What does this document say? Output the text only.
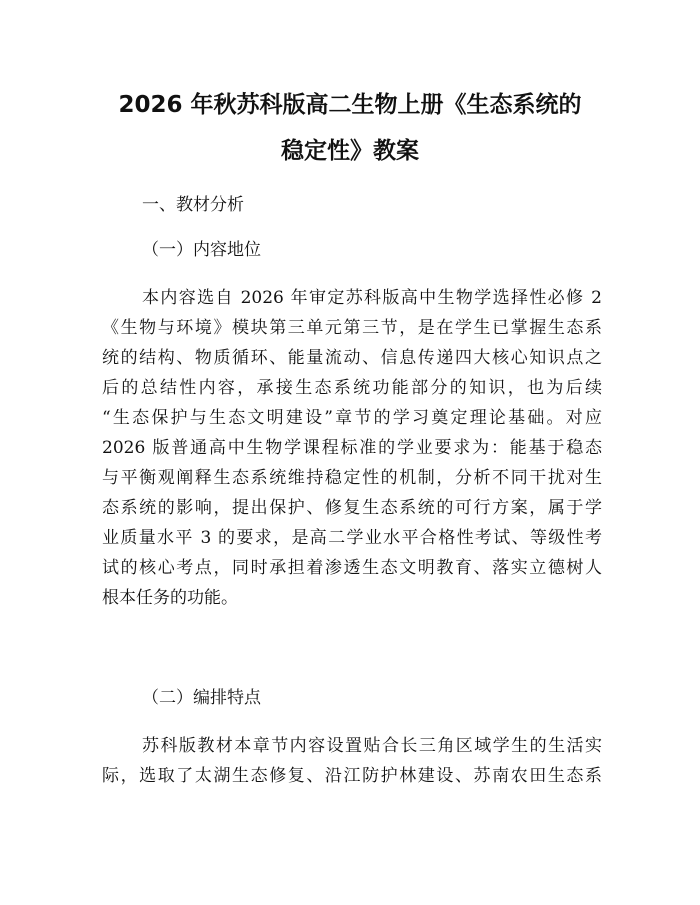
2026 年秋苏科版高二生物上册《生态系统的
稳定性》教案
一、教材分析
（一）内容地位
本内容选自 2026 年审定苏科版高中生物学选择性必修 2
《生物与环境》模块第三单元第三节，是在学生已掌握生态系
统的结构、物质循环、能量流动、信息传递四大核心知识点之
后的总结性内容，承接生态系统功能部分的知识，也为后续
“生态保护与生态文明建设”章节的学习奠定理论基础。对应
2026 版普通高中生物学课程标准的学业要求为：能基于稳态
与平衡观阐释生态系统维持稳定性的机制，分析不同干扰对生
态系统的影响，提出保护、修复生态系统的可行方案，属于学
业质量水平 3 的要求，是高二学业水平合格性考试、等级性考
试的核心考点，同时承担着渗透生态文明教育、落实立德树人
根本任务的功能。
（二）编排特点
苏科版教材本章节内容设置贴合长三角区域学生的生活实
际，选取了太湖生态修复、沿江防护林建设、苏南农田生态系
